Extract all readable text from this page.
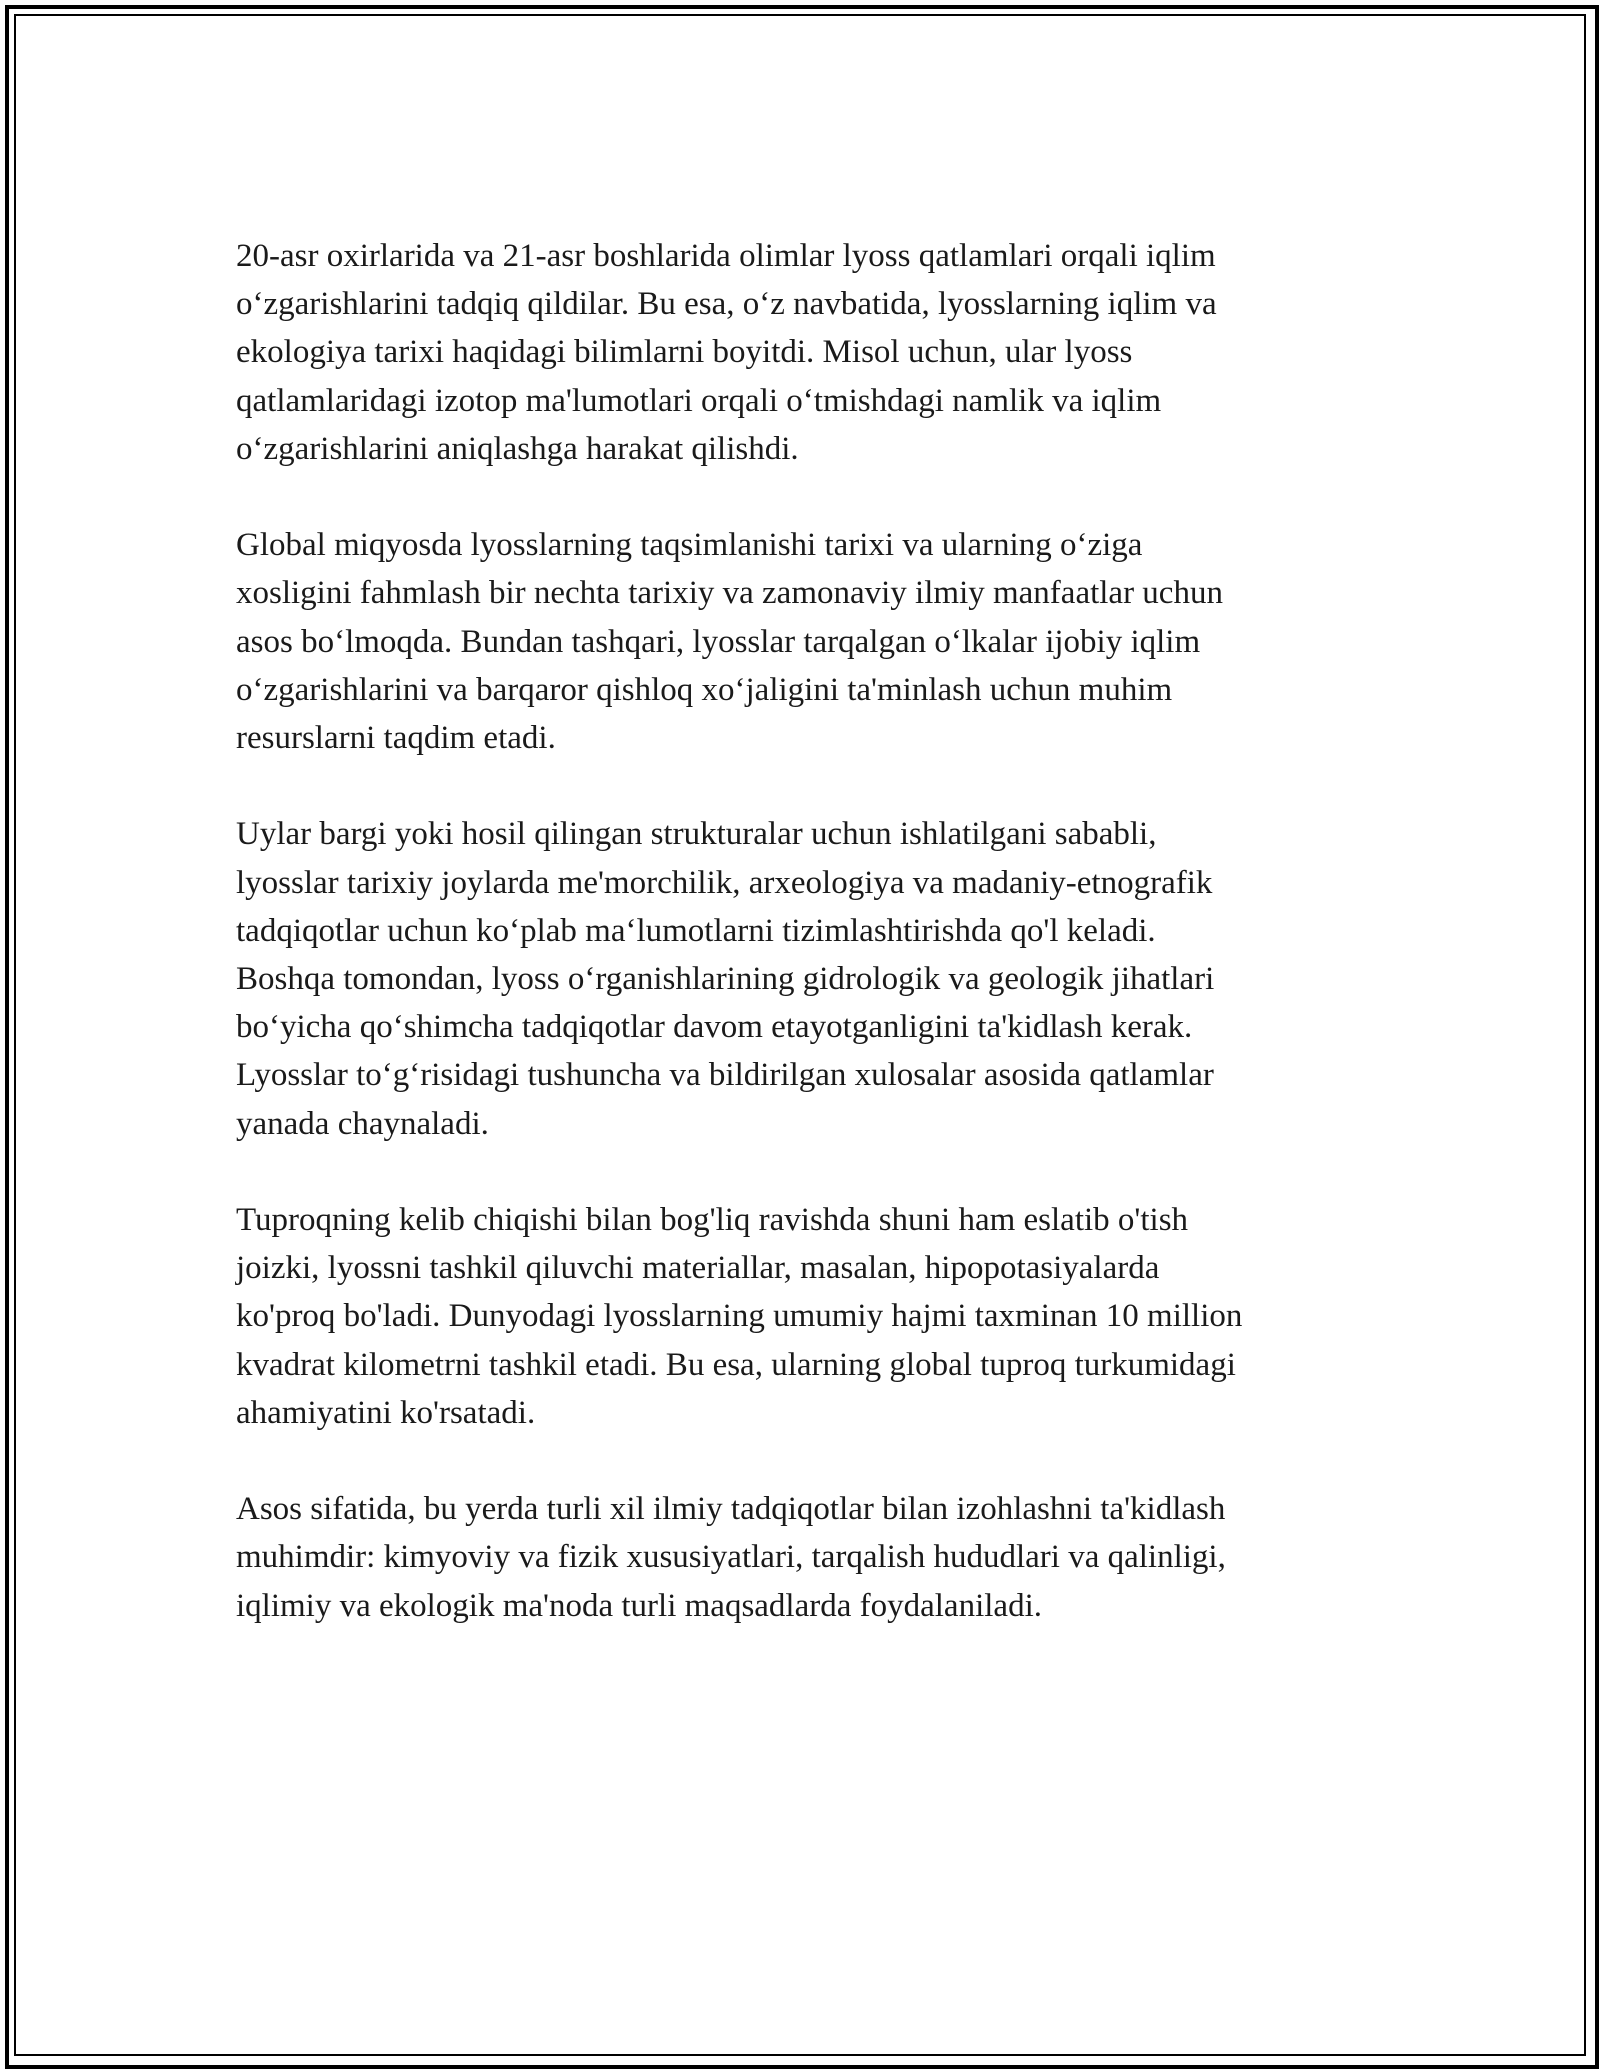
20-asr oxirlarida va 21-asr boshlarida olimlar lyoss qatlamlari orqali iqlim
o‘zgarishlarini tadqiq qildilar. Bu esa, o‘z navbatida, lyosslarning iqlim va
ekologiya tarixi haqidagi bilimlarni boyitdi. Misol uchun, ular lyoss
qatlamlaridagi izotop ma'lumotlari orqali o‘tmishdagi namlik va iqlim
o‘zgarishlarini aniqlashga harakat qilishdi.

Global miqyosda lyosslarning taqsimlanishi tarixi va ularning o‘ziga
xosligini fahmlash bir nechta tarixiy va zamonaviy ilmiy manfaatlar uchun
asos bo‘lmoqda. Bundan tashqari, lyosslar tarqalgan o‘lkalar ijobiy iqlim
o‘zgarishlarini va barqaror qishloq xo‘jaligini ta'minlash uchun muhim
resurslarni taqdim etadi.

Uylar bargi yoki hosil qilingan strukturalar uchun ishlatilgani sababli,
lyosslar tarixiy joylarda me'morchilik, arxeologiya va madaniy-etnografik
tadqiqotlar uchun ko‘plab ma‘lumotlarni tizimlashtirishda qo'l keladi.
Boshqa tomondan, lyoss o‘rganishlarining gidrologik va geologik jihatlari
bo‘yicha qo‘shimcha tadqiqotlar davom etayotganligini ta'kidlash kerak.
Lyosslar to‘g‘risidagi tushuncha va bildirilgan xulosalar asosida qatlamlar
yanada chaynaladi.

Tuproqning kelib chiqishi bilan bog'liq ravishda shuni ham eslatib o'tish
joizki, lyossni tashkil qiluvchi materiallar, masalan, hipopotasiyalarda
ko'proq bo'ladi. Dunyodagi lyosslarning umumiy hajmi taxminan 10 million
kvadrat kilometrni tashkil etadi. Bu esa, ularning global tuproq turkumidagi
ahamiyatini ko'rsatadi.

Asos sifatida, bu yerda turli xil ilmiy tadqiqotlar bilan izohlashni ta'kidlash
muhimdir: kimyoviy va fizik xususiyatlari, tarqalish hududlari va qalinligi,
iqlimiy va ekologik ma'noda turli maqsadlarda foydalaniladi.
